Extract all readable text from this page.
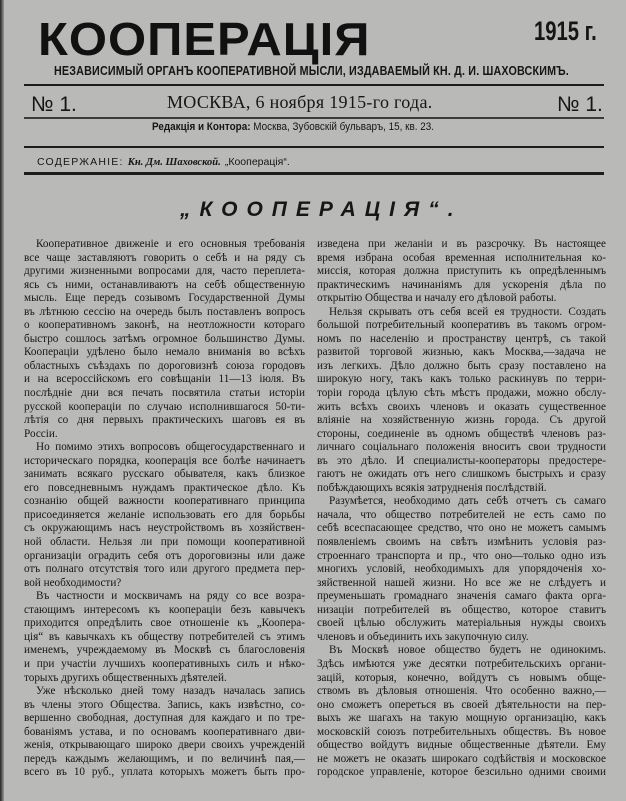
КООПЕРАЦIЯ	1915 г.
НЕЗАВИСИМЫЙ ОРГАНЪ КООПЕРАТИВНОЙ МЫСЛИ, ИЗДАВАЕМЫЙ КН. Д. И. ШАХОВСКИМЪ.
№ 1.	МОСКВА, 6 ноября 1915-го года.	№ 1.
Редакцiя и Контора: Москва, Зубовскiй бульваръ, 15, кв. 23.
СОДЕРЖАНIЕ: Кн. Дм. Шаховской. „Кооперацiя“.
„КООПЕРАЦIЯ“.
Кооперативное движенiе и его основныя требованiя
все чаще заставляютъ говорить о себѣ и на ряду съ
другими жизненными вопросами для, часто переплета-
ясь съ ними, останавливаютъ на себѣ общественную
мысль. Еще передъ созывомъ Государственной Думы
въ лѣтнюю сессiю на очередь былъ поставленъ вопросъ
о кооперативномъ законѣ, на неотложности котораго
быстро сошлось затѣмъ огромное большинство Думы.
Кооперацiи удѣлено было немало вниманiя во всѣхъ
областныхъ съѣздахъ по дороговизнѣ союза городовъ
и на всероссiйскомъ его совѣщанiи 11—13 iюля. Въ
послѣднiе дни вся печать посвятила статьи исторiи
русской кооперацiи по случаю исполнившагося 50-ти-
лѣтiя со дня первыхъ практическихъ шаговъ ея въ
Россiи.
Но помимо этихъ вопросовъ общегосударственнаго и
историческаго порядка, кооперацiя все болѣе начинаетъ
занимать всякаго русскаго обывателя, какъ близкое
его повседневнымъ нуждамъ практическое дѣло. Къ
сознанiю общей важности кооперативнаго принципа
присоединяется желанiе использовать его для борьбы
съ окружающимъ насъ неустройствомъ въ хозяйствен-
ной области. Нельзя ли при помощи кооперативной
организацiи оградить себя отъ дороговизны или даже
отъ полнаго отсутствiя того или другого предмета пер-
вой необходимости?
Въ частности и москвичамъ на ряду со все возра-
стающимъ интересомъ къ кооперацiи безъ кавычекъ
приходится опредѣлить свое отношенiе къ „Коопера-
цiя“ въ кавычкахъ къ обществу потребителей съ этимъ
именемъ, учреждаемому въ Москвѣ съ благословенiя
и при участiи лучшихъ кооперативныхъ силъ и нѣко-
торыхъ другихъ общественныхъ дѣятелей.
Уже нѣсколько дней тому назадъ началась запись
въ члены этого Общества. Запись, какъ извѣстно, со-
вершенно свободная, доступная для каждаго и по тре-
бованiямъ устава, и по основамъ кооперативнаго дви-
женiя, открывающаго широко двери своихъ учрежденiй
передъ каждымъ желающимъ, и по величинѣ пая,—
всего въ 10 руб., уплата которыхъ можетъ быть про-
изведена при желанiи и въ разсрочку. Въ настоящее
время избрана особая временная исполнительная ко-
миссiя, которая должна приступить къ опредѣленнымъ
практическимъ начинанiямъ для ускоренiя дѣла по
открытiю Общества и началу его дѣловой работы.
Нельзя скрывать отъ себя всей ея трудности. Создать
большой потребительный кооперативъ въ такомъ огром-
номъ по населенiю и пространству центрѣ, съ такой
развитой торговой жизнью, какъ Москва,—задача не
изъ легкихъ. Дѣло должно быть сразу поставлено на
широкую ногу, такъ какъ только раскинувъ по терри-
торiи города цѣлую сѣть мѣстъ продажи, можно обслу-
жить всѣхъ своихъ членовъ и оказать существенное
влiянiе на хозяйственную жизнь города. Съ другой
стороны, соединенiе въ одномъ обществѣ членовъ раз-
личнаго соцiальнаго положенiя вноситъ свои трудности
въ это дѣло. И специалисты-кооператоры предостере-
гаютъ не ожидать отъ него слишкомъ быстрыхъ и сразу
побѣждающихъ всякiя затрудненiя послѣдствiй.
Разумѣется, необходимо дать себѣ отчетъ съ самаго
начала, что общество потребителей не есть само по
себѣ всеспасающее средство, что оно не можетъ самымъ
появленiемъ своимъ на свѣтъ измѣнить условiя раз-
строеннаго транспорта и пр., что оно—только одно изъ
многихъ условiй, необходимыхъ для упорядоченiя хо-
зяйственной нашей жизни. Но все же не слѣдуетъ и
преуменьшать громаднаго значенiя самаго факта орга-
низацiи потребителей въ общество, которое ставитъ
своей цѣлью обслужить матерiальныя нужды своихъ
членовъ и объединить ихъ закупочную силу.
Въ Москвѣ новое общество будетъ не одинокимъ.
Здѣсь имѣются уже десятки потребительскихъ органи-
зацiй, которыя, конечно, войдутъ съ новымъ обще-
ствомъ въ дѣловыя отношенiя. Что особенно важно,—
оно сможетъ опереться въ своей дѣятельности на пер-
выхъ же шагахъ на такую мощную организацiю, какъ
московскiй союзъ потребительныхъ обществъ. Въ новое
общество войдутъ видные общественные дѣятели. Ему
не можетъ не оказать широкаго содѣйствiя и московское
городское управленiе, которое безсильно одними своими
